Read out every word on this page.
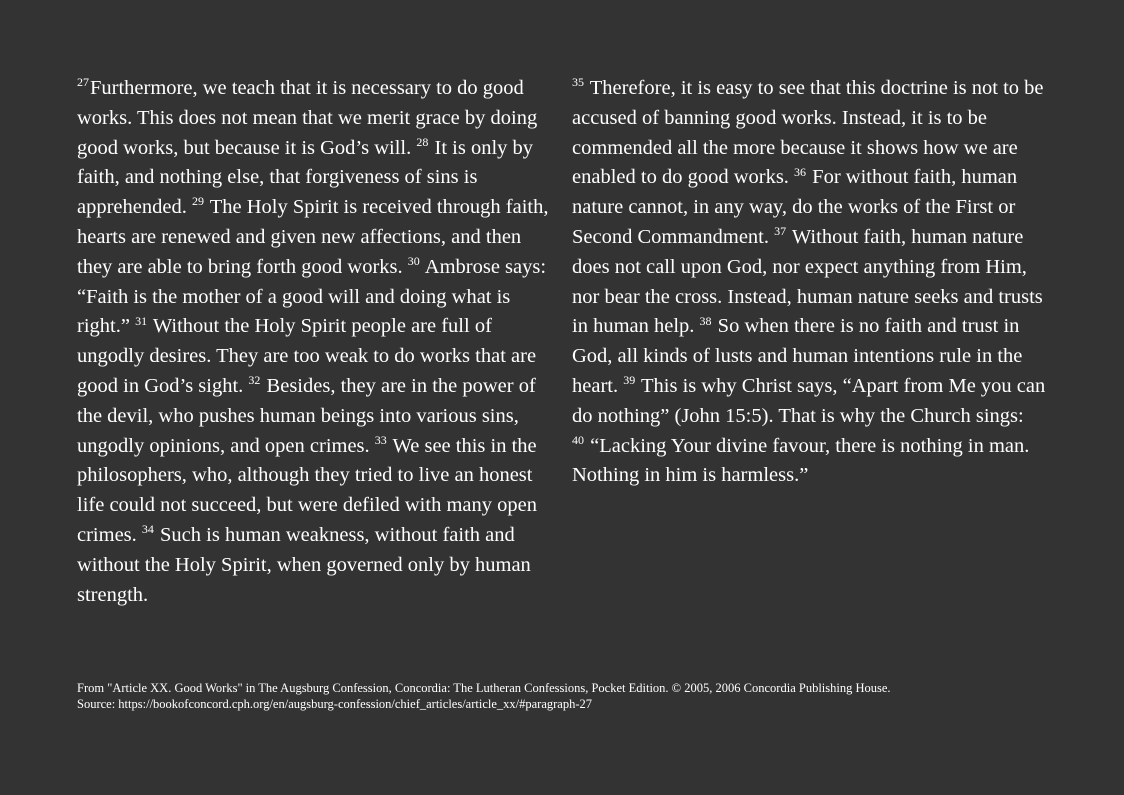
$^{27}$Furthermore, we teach that it is necessary to do good works. This does not mean that we merit grace by doing good works, but because it is God’s will. $^{28}$ It is only by faith, and nothing else, that forgiveness of sins is apprehended. $^{29}$ The Holy Spirit is received through faith, hearts are renewed and given new affections, and then they are able to bring forth good works. $^{30}$ Ambrose says: “Faith is the mother of a good will and doing what is right.” $^{31}$ Without the Holy Spirit people are full of ungodly desires. They are too weak to do works that are good in God’s sight. $^{32}$ Besides, they are in the power of the devil, who pushes human beings into various sins, ungodly opinions, and open crimes. $^{33}$ We see this in the philosophers, who, although they tried to live an honest life could not succeed, but were defiled with many open crimes. $^{34}$ Such is human weakness, without faith and without the Holy Spirit, when governed only by human strength.

$^{35}$ Therefore, it is easy to see that this doctrine is not to be accused of banning good works. Instead, it is to be commended all the more because it shows how we are enabled to do good works. $^{36}$ For without faith, human nature cannot, in any way, do the works of the First or Second Commandment. $^{37}$ Without faith, human nature does not call upon God, nor expect anything from Him, nor bear the cross. Instead, human nature seeks and trusts in human help. $^{38}$ So when there is no faith and trust in God, all kinds of lusts and human intentions rule in the heart. $^{39}$ This is why Christ says, “Apart from Me you can do nothing” (John 15:5). That is why the Church sings:
$^{40}$ “Lacking Your divine favour, there is nothing in man. Nothing in him is harmless.”

From "Article XX. Good Works" in The Augsburg Confession, Concordia: The Lutheran Confessions, Pocket Edition. © 2005, 2006 Concordia Publishing House.

Source: https://bookofconcord.cph.org/en/augsburg-confession/chief_articles/article_xx/#paragraph-27
